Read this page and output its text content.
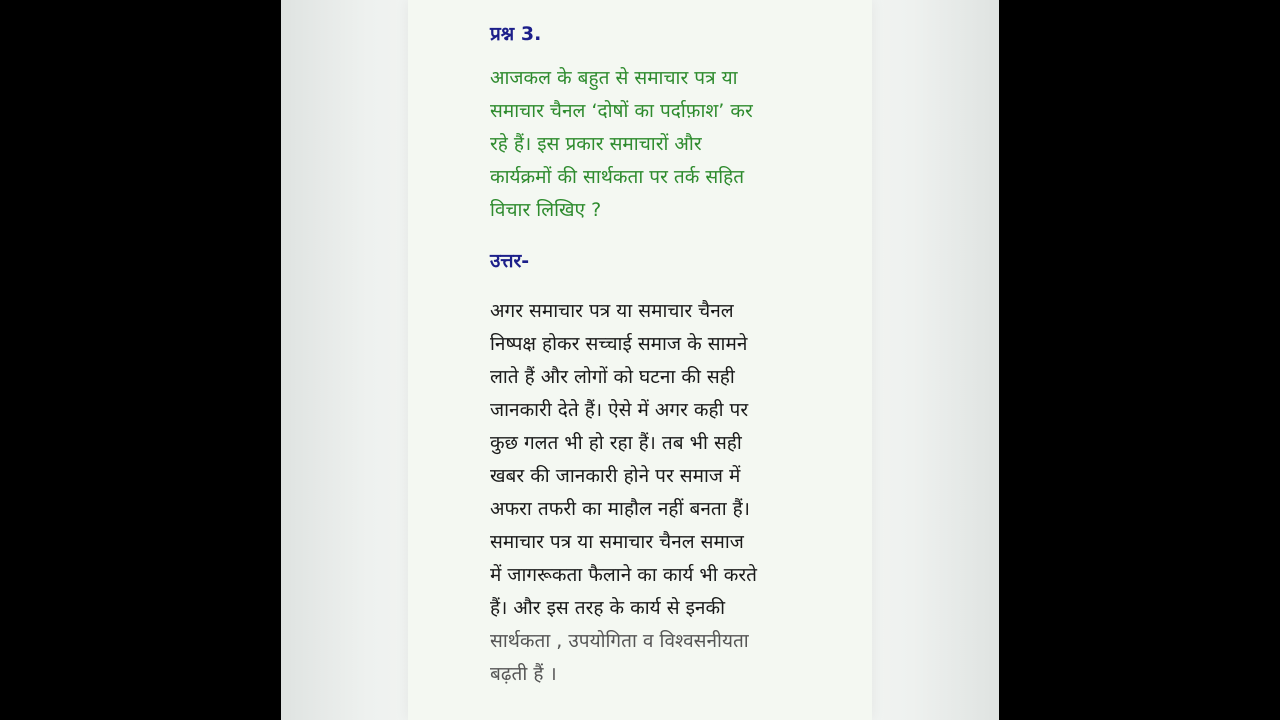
प्रश्न 3.
आजकल के बहुत से समाचार पत्र या
समाचार चैनल ‘दोषों का पर्दाफ़ाश’ कर
रहे हैं। इस प्रकार समाचारों और
कार्यक्रमों की सार्थकता पर तर्क सहित
विचार लिखिए ?
उत्तर-
अगर समाचार पत्र या समाचार चैनल
निष्पक्ष होकर सच्चाई समाज के सामने
लाते हैं और लोगों को घटना की सही
जानकारी देते हैं। ऐसे में अगर कही पर
कुछ गलत भी हो रहा हैं। तब भी सही
खबर की जानकारी होने पर समाज में
अफरा तफरी का माहौल नहीं बनता हैं।
समाचार पत्र या समाचार चैनल समाज
में जागरूकता फैलाने का कार्य भी करते
हैं। और इस तरह के कार्य से इनकी
सार्थकता , उपयोगिता व विश्वसनीयता
बढ़ती हैं ।
